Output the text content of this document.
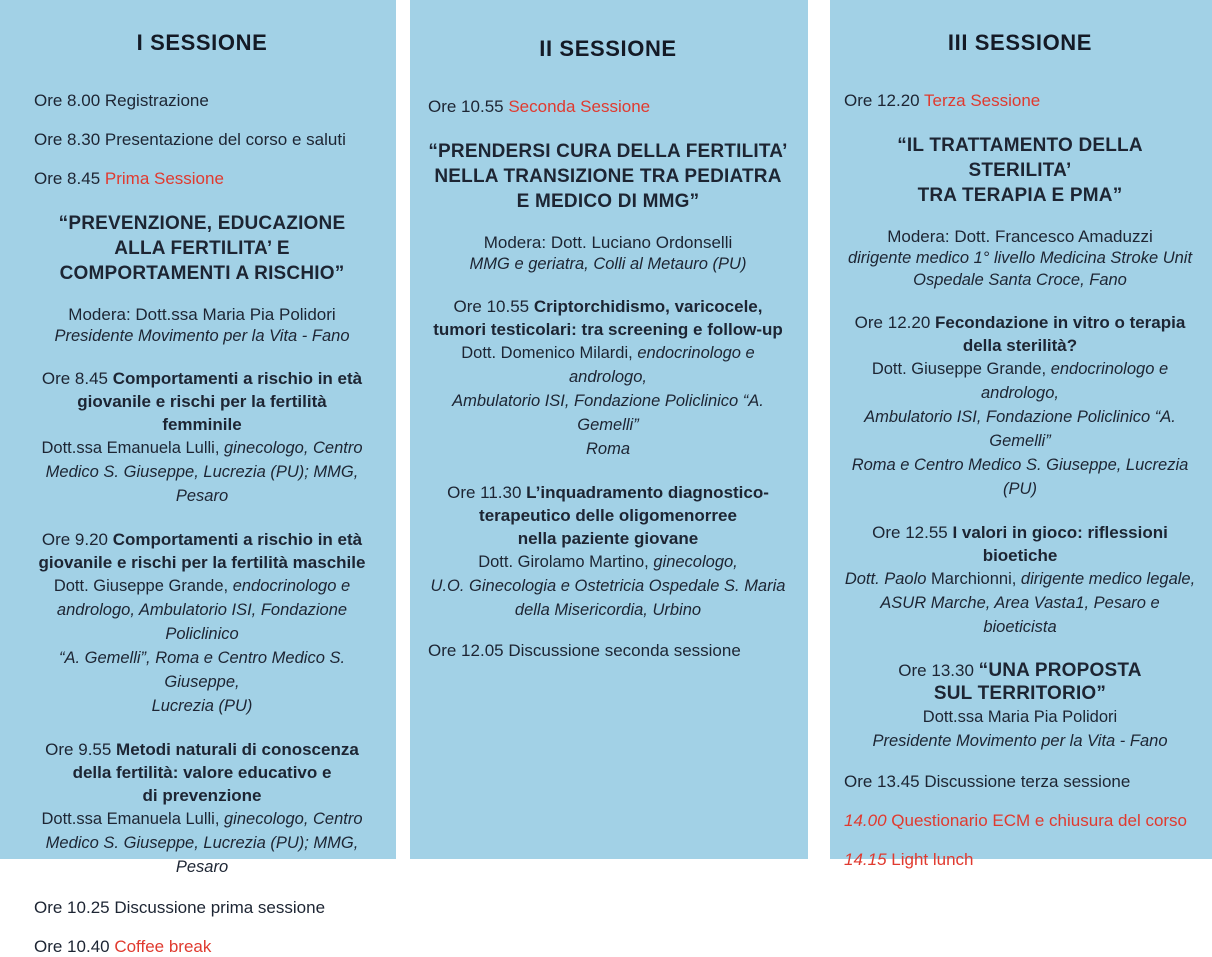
I SESSIONE
Ore 8.00 Registrazione
Ore 8.30 Presentazione del corso e saluti
Ore 8.45 Prima Sessione
“PREVENZIONE, EDUCAZIONE
ALLA FERTILITA’ E
COMPORTAMENTI A RISCHIO”
Modera: Dott.ssa Maria Pia Polidori
Presidente Movimento per la Vita - Fano
Ore 8.45 Comportamenti a rischio in età
giovanile e rischi per la fertilità
femminile
Dott.ssa Emanuela Lulli, ginecologo, Centro
Medico S. Giuseppe, Lucrezia (PU); MMG, Pesaro
Ore 9.20 Comportamenti a rischio in età
giovanile e rischi per la fertilità maschile
Dott. Giuseppe Grande, endocrinologo e
andrologo, Ambulatorio ISI, Fondazione Policlinico
“A. Gemelli”, Roma e Centro Medico S. Giuseppe,
Lucrezia (PU)
Ore 9.55 Metodi naturali di conoscenza
della fertilità: valore educativo e
di prevenzione
Dott.ssa Emanuela Lulli, ginecologo, Centro
Medico S. Giuseppe, Lucrezia (PU); MMG, Pesaro
Ore 10.25 Discussione prima sessione
Ore 10.40 Coffee break
II SESSIONE
Ore 10.55 Seconda Sessione
“PRENDERSI CURA DELLA FERTILITA’
NELLA TRANSIZIONE TRA PEDIATRA
E MEDICO DI MMG”
Modera: Dott. Luciano Ordonselli
MMG e geriatra, Colli al Metauro (PU)
Ore 10.55 Criptorchidismo, varicocele,
tumori testicolari: tra screening e follow-up
Dott. Domenico Milardi, endocrinologo e andrologo,
Ambulatorio ISI, Fondazione Policlinico “A. Gemelli”
Roma
Ore 11.30 L’inquadramento diagnostico-
terapeutico delle oligomenorree
nella paziente giovane
Dott. Girolamo Martino, ginecologo,
U.O. Ginecologia e Ostetricia Ospedale S. Maria
della Misericordia, Urbino
Ore 12.05 Discussione seconda sessione
III SESSIONE
Ore 12.20 Terza Sessione
“IL TRATTAMENTO DELLA STERILITA’
TRA TERAPIA E PMA”
Modera: Dott. Francesco Amaduzzi
dirigente medico 1° livello Medicina Stroke Unit
Ospedale Santa Croce, Fano
Ore 12.20 Fecondazione in vitro o terapia
della sterilità?
Dott. Giuseppe Grande, endocrinologo e andrologo,
Ambulatorio ISI, Fondazione Policlinico “A. Gemelli”
Roma e Centro Medico S. Giuseppe, Lucrezia (PU)
Ore 12.55 I valori in gioco: riflessioni
bioetiche
Dott. Paolo Marchionni, dirigente medico legale,
ASUR Marche, Area Vasta1, Pesaro e bioeticista
Ore 13.30 “UNA PROPOSTA
SUL TERRITORIO”
Dott.ssa Maria Pia Polidori
Presidente Movimento per la Vita - Fano
Ore 13.45 Discussione terza sessione
14.00 Questionario ECM e chiusura del corso
14.15 Light lunch
